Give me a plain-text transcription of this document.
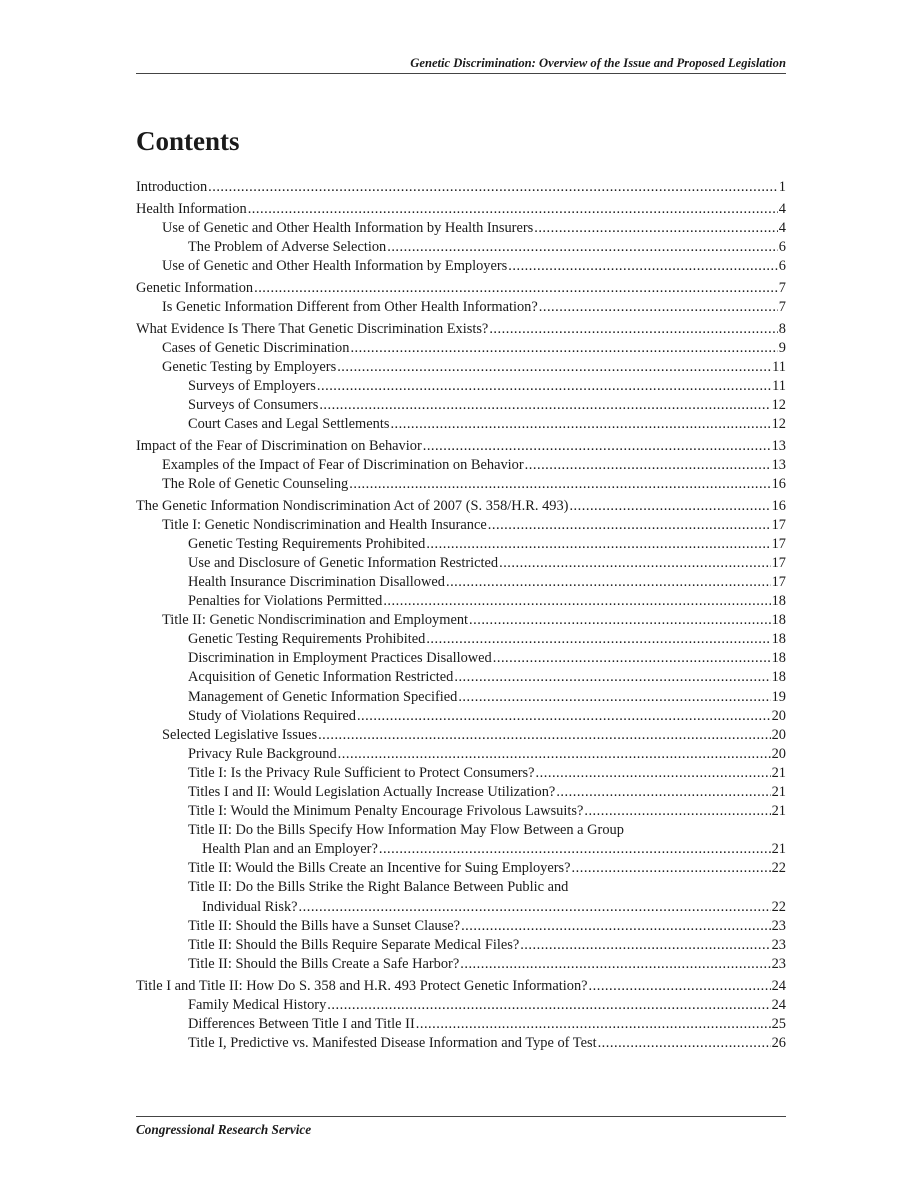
Genetic Discrimination: Overview of the Issue and Proposed Legislation
Contents
Introduction .....	1
Health Information .....	4
Use of Genetic and Other Health Information by Health Insurers .....	4
The Problem of Adverse Selection .....	6
Use of Genetic and Other Health Information by Employers .....	6
Genetic Information .....	7
Is Genetic Information Different from Other Health Information? .....	7
What Evidence Is There That Genetic Discrimination Exists? .....	8
Cases of Genetic Discrimination .....	9
Genetic Testing by Employers .....	11
Surveys of Employers .....	11
Surveys of Consumers .....	12
Court Cases and Legal Settlements .....	12
Impact of the Fear of Discrimination on Behavior .....	13
Examples of the Impact of Fear of Discrimination on Behavior .....	13
The Role of Genetic Counseling .....	16
The Genetic Information Nondiscrimination Act of 2007 (S. 358/H.R. 493) .....	16
Title I: Genetic Nondiscrimination and Health Insurance .....	17
Genetic Testing Requirements Prohibited .....	17
Use and Disclosure of Genetic Information Restricted .....	17
Health Insurance Discrimination Disallowed .....	17
Penalties for Violations Permitted .....	18
Title II: Genetic Nondiscrimination and Employment .....	18
Genetic Testing Requirements Prohibited .....	18
Discrimination in Employment Practices Disallowed .....	18
Acquisition of Genetic Information Restricted .....	18
Management of Genetic Information Specified .....	19
Study of Violations Required .....	20
Selected Legislative Issues .....	20
Privacy Rule Background .....	20
Title I: Is the Privacy Rule Sufficient to Protect Consumers? .....	21
Titles I and II: Would Legislation Actually Increase Utilization? .....	21
Title I: Would the Minimum Penalty Encourage Frivolous Lawsuits? .....	21
Title II: Do the Bills Specify How Information May Flow Between a Group
Health Plan and an Employer? .....	21
Title II: Would the Bills Create an Incentive for Suing Employers? .....	22
Title II: Do the Bills Strike the Right Balance Between Public and
Individual Risk? .....	22
Title II: Should the Bills have a Sunset Clause? .....	23
Title II: Should the Bills Require Separate Medical Files? .....	23
Title II: Should the Bills Create a Safe Harbor? .....	23
Title I and Title II: How Do S. 358 and H.R. 493 Protect Genetic Information? .....	24
Family Medical History .....	24
Differences Between Title I and Title II .....	25
Title I, Predictive vs. Manifested Disease Information and Type of Test .....	26
Congressional Research Service
